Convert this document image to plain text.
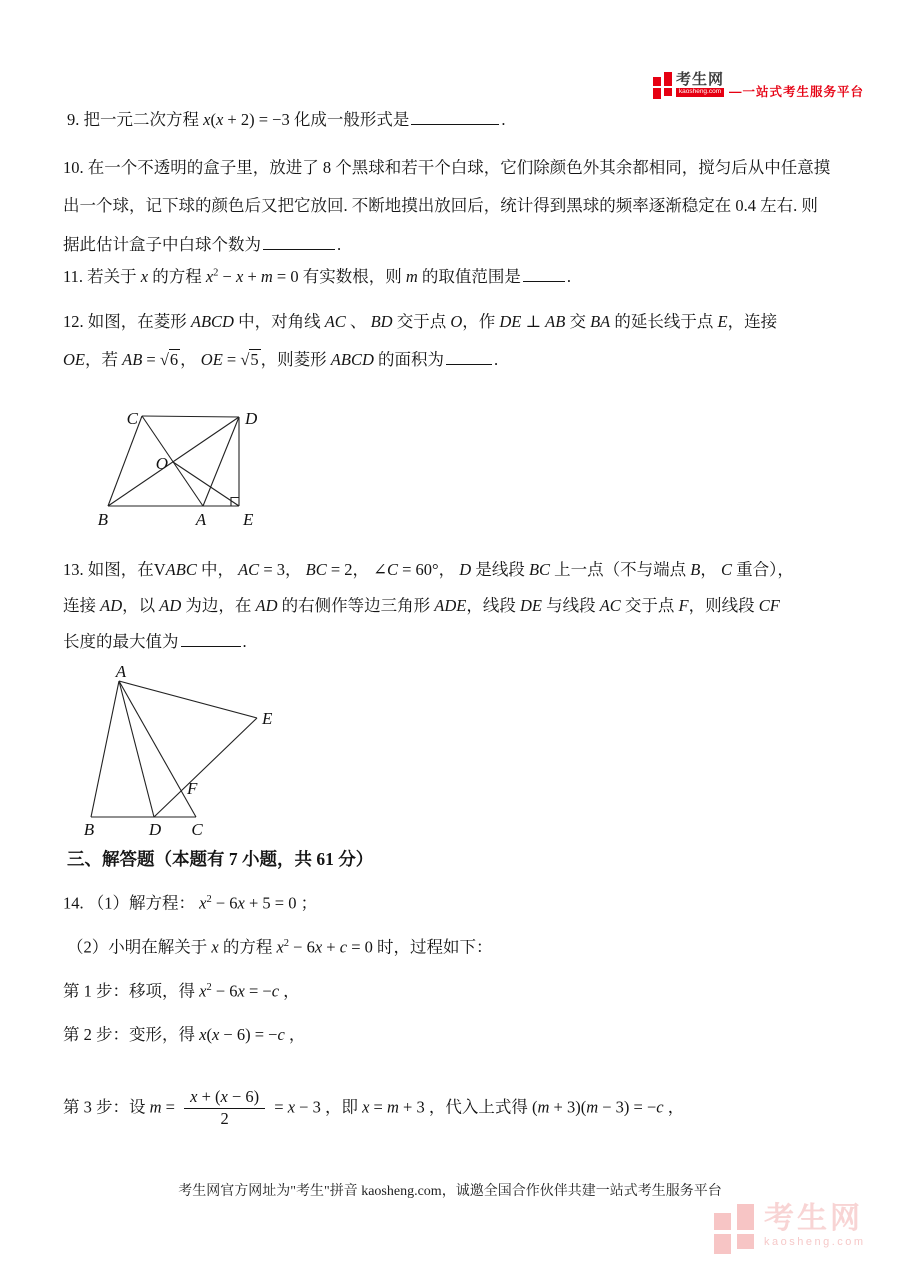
考生网
kaosheng.com —一站式考生服务平台
9. 把一元二次方程 x(x + 2) = −3 化成一般形式是	.
10. 在一个不透明的盒子里，放进了 8 个黑球和若干个白球，它们除颜色外其余都相同，搅匀后从中任意摸
出一个球，记下球的颜色后又把它放回. 不断地摸出放回后，统计得到黑球的频率逐渐稳定在 0.4 左右. 则
据此估计盒子中白球个数为	.
11. 若关于 x 的方程 $x^2 - x + m = 0$ 有实数根，则 m 的取值范围是	.
12. 如图，在菱形 ABCD 中，对角线 AC 、 BD 交于点 O，作 DE ⊥ AB 交 BA 的延长线于点 E，连接
OE，若 AB = √6 ， OE = √5 ，则菱形 ABCD 的面积为	.
C	D
O
B	A E
13. 如图，在VABC 中， AC = 3， BC = 2， ∠C = 60°， D 是线段 BC 上一点（不与端点 B， C 重合），
连接 AD，以 AD 为边，在 AD 的右侧作等边三角形 ADE，线段 DE 与线段 AC 交于点 F，则线段 CF
长度的最大值为	.
A
E
F
B	D C
三、解答题（本题有 7 小题，共 61 分）
14. （1）解方程： $x^2 - 6x + 5 = 0$ ；
（2）小明在解关于 x 的方程 $x^2 - 6x + c = 0$ 时，过程如下：
第 1 步：移项，得 $x^2 - 6x = -c$ ，
第 2 步：变形，得 x(x − 6) = −c ，
第 3 步：设 $m = \frac{x + (x - 6)}{2} = x - 3$ ，即 x = m + 3 ，代入上式得 (m + 3)(m − 3) = −c ，
考生网官方网址为"考生"拼音 kaosheng.com，诚邀全国合作伙伴共建一站式考生服务平台
考生网
kaosheng.com
